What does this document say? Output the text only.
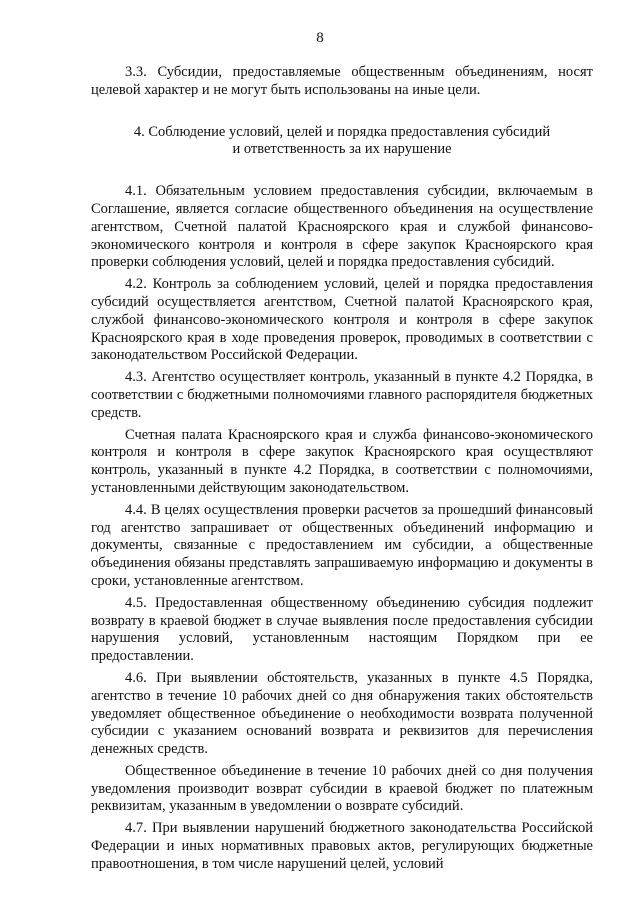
8

3.3. Субсидии, предоставляемые общественным объединениям, носят целевой характер и не могут быть использованы на иные цели.

4. Соблюдение условий, целей и порядка предоставления субсидий
и ответственность за их нарушение

4.1. Обязательным условием предоставления субсидии, включаемым в Соглашение, является согласие общественного объединения на осуществление агентством, Счетной палатой Красноярского края и службой финансово-экономического контроля и контроля в сфере закупок Красноярского края проверки соблюдения условий, целей и порядка предоставления субсидий.

4.2. Контроль за соблюдением условий, целей и порядка предоставления субсидий осуществляется агентством, Счетной палатой Красноярского края, службой финансово-экономического контроля и контроля в сфере закупок Красноярского края в ходе проведения проверок, проводимых в соответствии с законодательством Российской Федерации.

4.3. Агентство осуществляет контроль, указанный в пункте 4.2 Порядка, в соответствии с бюджетными полномочиями главного распорядителя бюджетных средств.

Счетная палата Красноярского края и служба финансово-экономического контроля и контроля в сфере закупок Красноярского края осуществляют контроль, указанный в пункте 4.2 Порядка, в соответствии с полномочиями, установленными действующим законодательством.

4.4. В целях осуществления проверки расчетов за прошедший финансовый год агентство запрашивает от общественных объединений информацию и документы, связанные с предоставлением им субсидии, а общественные объединения обязаны представлять запрашиваемую информацию и документы в сроки, установленные агентством.

4.5. Предоставленная общественному объединению субсидия подлежит возврату в краевой бюджет в случае выявления после предоставления субсидии нарушения условий, установленным настоящим Порядком при ее предоставлении.

4.6. При выявлении обстоятельств, указанных в пункте 4.5 Порядка, агентство в течение 10 рабочих дней со дня обнаружения таких обстоятельств уведомляет общественное объединение о необходимости возврата полученной субсидии с указанием оснований возврата и реквизитов для перечисления денежных средств.

Общественное объединение в течение 10 рабочих дней со дня получения уведомления производит возврат субсидии в краевой бюджет по платежным реквизитам, указанным в уведомлении о возврате субсидий.

4.7. При выявлении нарушений бюджетного законодательства Российской Федерации и иных нормативных правовых актов, регулирующих бюджетные правоотношения, в том числе нарушений целей, условий
